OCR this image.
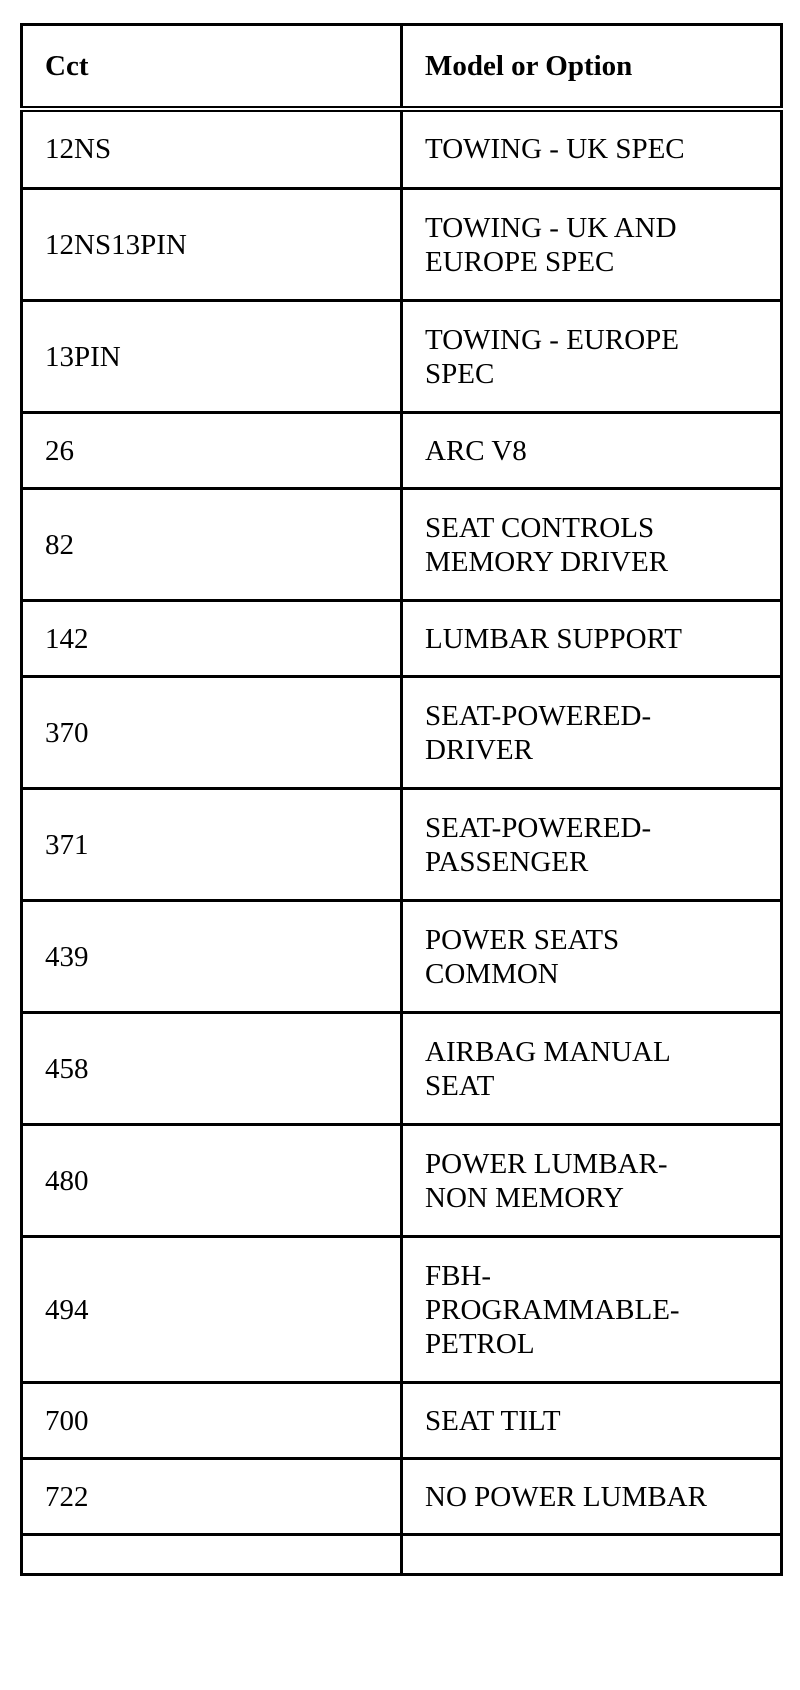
Cct	Model or Option
12NS	TOWING - UK SPEC

12NS13PIN	TOWING - UK AND
EUROPE SPEC

13PIN	TOWING - EUROPE
SPEC

26	ARC V8

82	SEAT CONTROLS
MEMORY DRIVER

142	LUMBAR SUPPORT

370	SEAT-POWERED-
DRIVER

371	SEAT-POWERED-
PASSENGER

439	POWER SEATS
COMMON

458	AIRBAG MANUAL
SEAT

480	POWER LUMBAR-
NON MEMORY

494	FBH-
PROGRAMMABLE-
PETROL

700	SEAT TILT

722	NO POWER LUMBAR
